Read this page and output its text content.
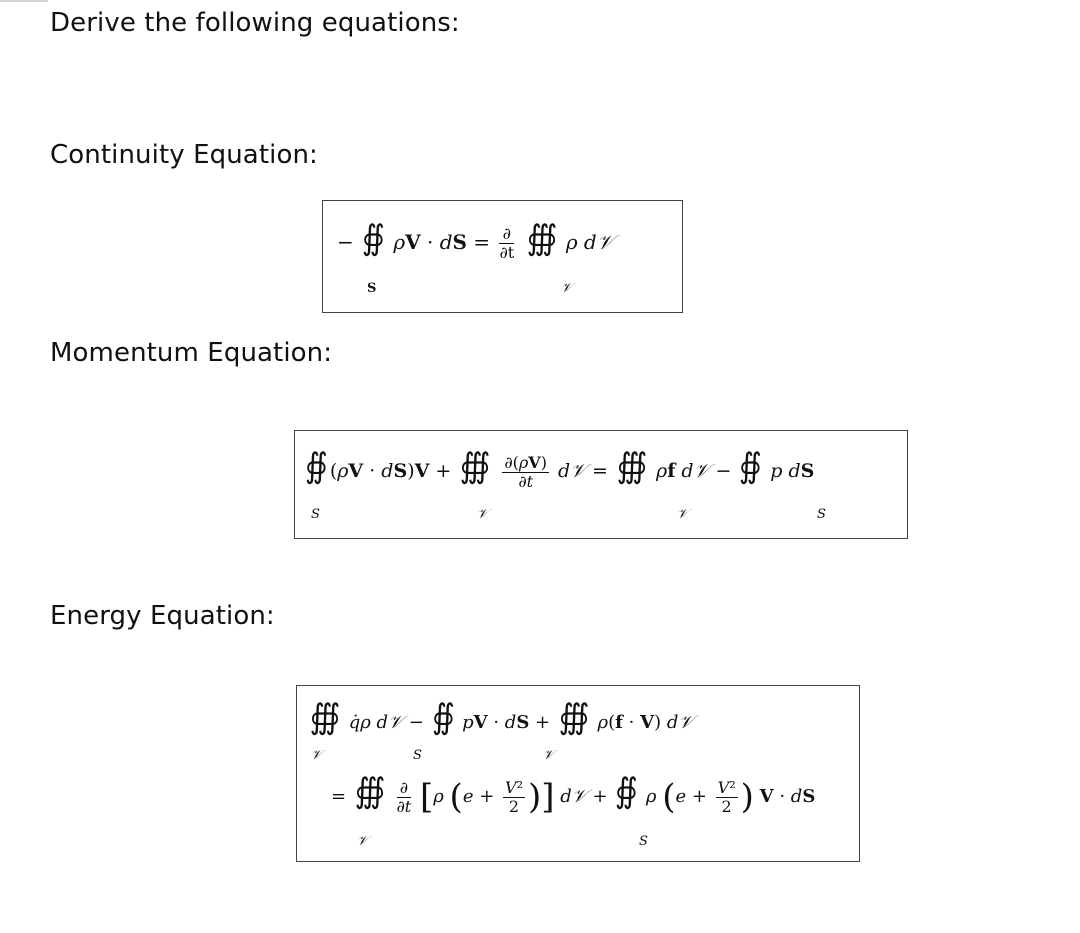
Derive the following equations:
Continuity Equation:
− ∯ ρV · dS = $\frac{\partial}{\partial t}$ ∰ ρ d𝒱
S	𝒱
Momentum Equation:
∯ (ρV · dS)V + ∰ $\frac{\partial(\rho V)}{\partial t}$ d𝒱 = ∰ ρf d𝒱 − ∯ p dS
S	𝒱	𝒱	S
Energy Equation:
∰ q̇ρ d𝒱 − ∯ pV · dS + ∰ ρ(f · V) d𝒱
𝒱	S	𝒱
= ∰ $\frac{\partial}{\partial t} [\rho$ ($e + \frac{\text{V²}}{2}$ )] d𝒱 + ∯ ρ ($e + \frac{\text{V²}}{2}$ ) V · dS
𝒱	S
